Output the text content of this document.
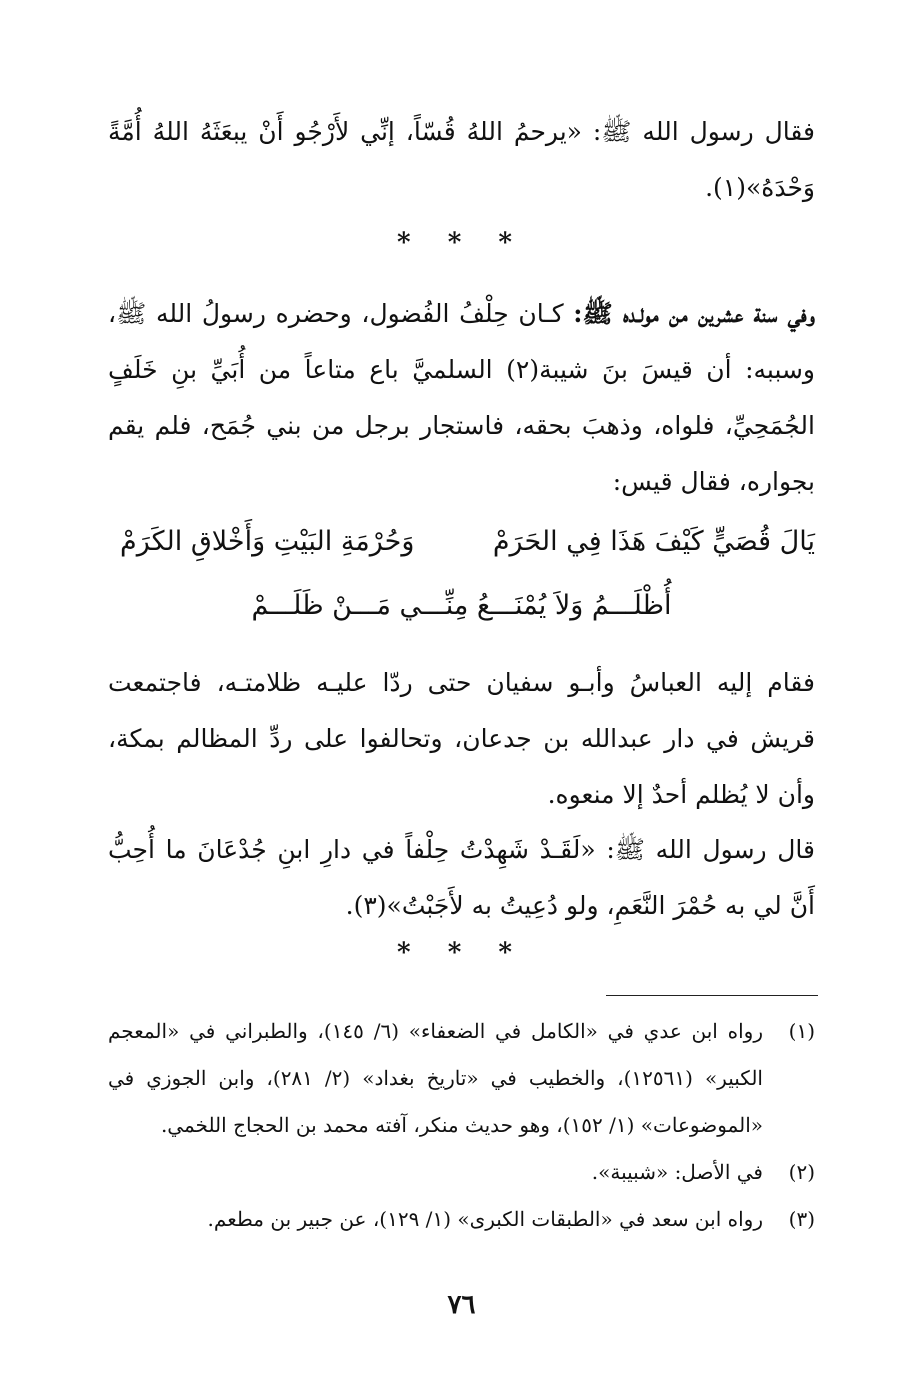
فقال رسول الله ﷺ: «يرحمُ اللهُ قُسّاً، إنِّي لأَرْجُو أَنْ يبعَثَهُ اللهُ أُمَّةً وَحْدَهُ»(١).

* * *

وفي سنة عشرين من مولـده ﷺ: كـان حِلْفُ الفُضول، وحضره رسولُ الله ﷺ، وسببه: أن قيسَ بنَ شيبة(٢) السلميَّ باع متاعاً من أُبَيِّ بنِ خَلَفٍ الجُمَحِيِّ، فلواه، وذهبَ بحقه، فاستجار برجل من بني جُمَح، فلم يقم بجواره، فقال قيس:

يَالَ قُصَيٍّ كَيْفَ هَذَا فِي الحَرَمْ
وَحُرْمَةِ البَيْتِ وَأَخْلاقِ الكَرَمْ
أُظْلَـــمُ وَلاَ يُمْنَـــعُ مِنِّـــي مَـــنْ ظَلَـــمْ

فقام إليه العباسُ وأبـو سفيان حتى ردّا عليـه ظلامتـه، فاجتمعت قريش في دار عبدالله بن جدعان، وتحالفوا على ردِّ المظالم بمكة، وأن لا يُظلم أحدٌ إلا منعوه.

قال رسول الله ﷺ: «لَقَـدْ شَهِدْتُ حِلْفاً في دارِ ابنِ جُدْعَانَ ما أُحِبُّ أَنَّ لي به حُمْرَ النَّعَمِ، ولو دُعِيتُ به لأَجَبْتُ»(٣).

* * *
(١)
رواه ابن عدي في «الكامل في الضعفاء» (٦/ ١٤٥)، والطبراني في «المعجم الكبير» (١٢٥٦١)، والخطيب في «تاريخ بغداد» (٢/ ٢٨١)، وابن الجوزي في «الموضوعات» (١/ ١٥٢)، وهو حديث منكر، آفته محمد بن الحجاج اللخمي.
(٢)
في الأصل: «شبيبة».
(٣)
رواه ابن سعد في «الطبقات الكبرى» (١/ ١٢٩)، عن جبير بن مطعم.
٧٦
